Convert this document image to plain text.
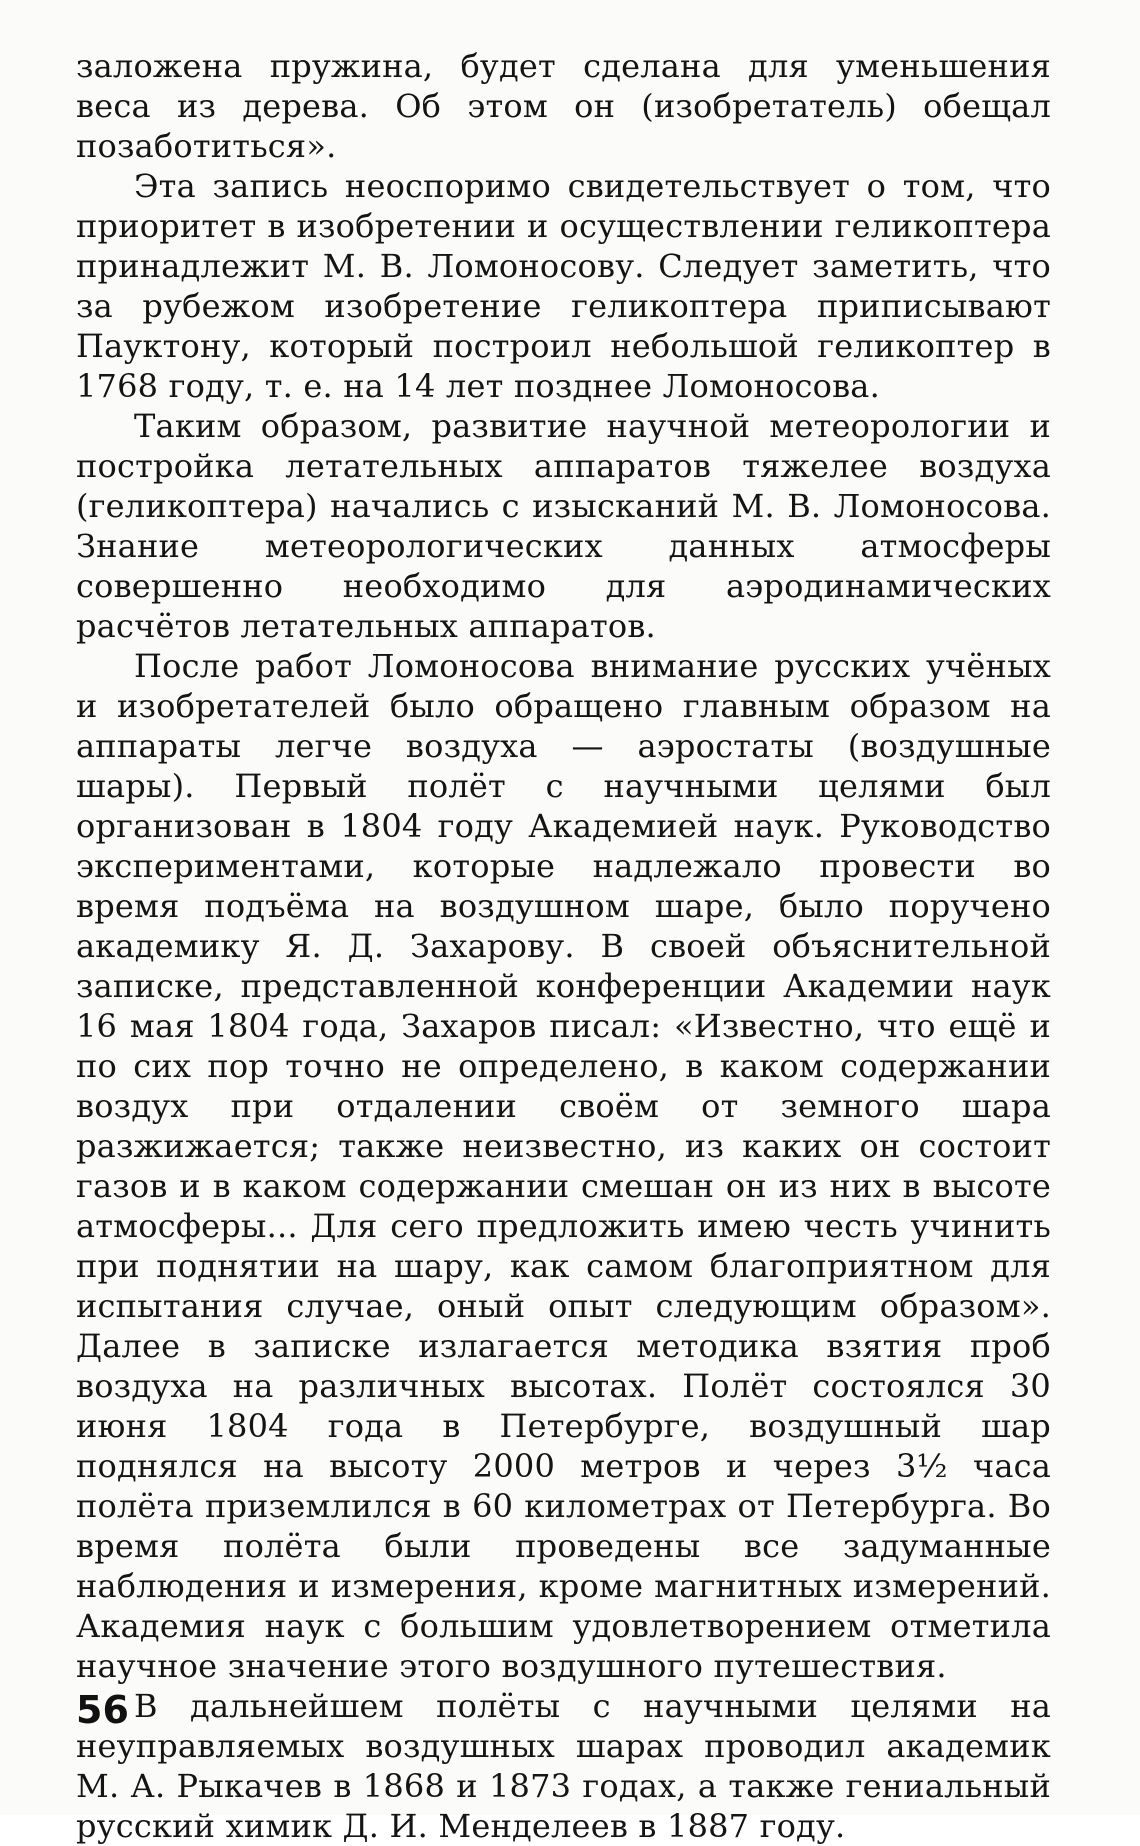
заложена пружина, будет сделана для уменьшения веса из дерева. Об этом он (изобретатель) обещал позаботиться».

Эта запись неоспоримо свидетельствует о том, что приоритет в изобретении и осуществлении геликоптера принадлежит М. В. Ломоносову. Следует заметить, что за рубежом изобретение геликоптера приписывают Пауктону, который построил небольшой геликоптер в 1768 году, т. е. на 14 лет позднее Ломоносова.

Таким образом, развитие научной метеорологии и постройка летательных аппаратов тяжелее воздуха (геликоптера) начались с изысканий М. В. Ломоносова. Знание метеорологических данных атмосферы совершенно необходимо для аэродинамических расчётов летательных аппаратов.

После работ Ломоносова внимание русских учёных и изобретателей было обращено главным образом на аппараты легче воздуха — аэростаты (воздушные шары). Первый полёт с научными целями был организован в 1804 году Академией наук. Руководство экспериментами, которые надлежало провести во время подъёма на воздушном шаре, было поручено академику Я. Д. Захарову. В своей объяснительной записке, представленной конференции Академии наук 16 мая 1804 года, Захаров писал: «Известно, что ещё и по сих пор точно не определено, в каком содержании воздух при отдалении своём от земного шара разжижается; также неизвестно, из каких он состоит газов и в каком содержании смешан он из них в высоте атмосферы... Для сего предложить имею честь учинить при поднятии на шару, как самом благоприятном для испытания случае, оный опыт следующим образом». Далее в записке излагается методика взятия проб воздуха на различных высотах. Полёт состоялся 30 июня 1804 года в Петербурге, воздушный шар поднялся на высоту 2000 метров и через 3½ часа полёта приземлился в 60 километрах от Петербурга. Во время полёта были проведены все задуманные наблюдения и измерения, кроме магнитных измерений. Академия наук с большим удовлетворением отметила научное значение этого воздушного путешествия.

В дальнейшем полёты с научными целями на неуправляемых воздушных шарах проводил академик М. А. Рыкачев в 1868 и 1873 годах, а также гениальный русский химик Д. И. Менделеев в 1887 году.

56
